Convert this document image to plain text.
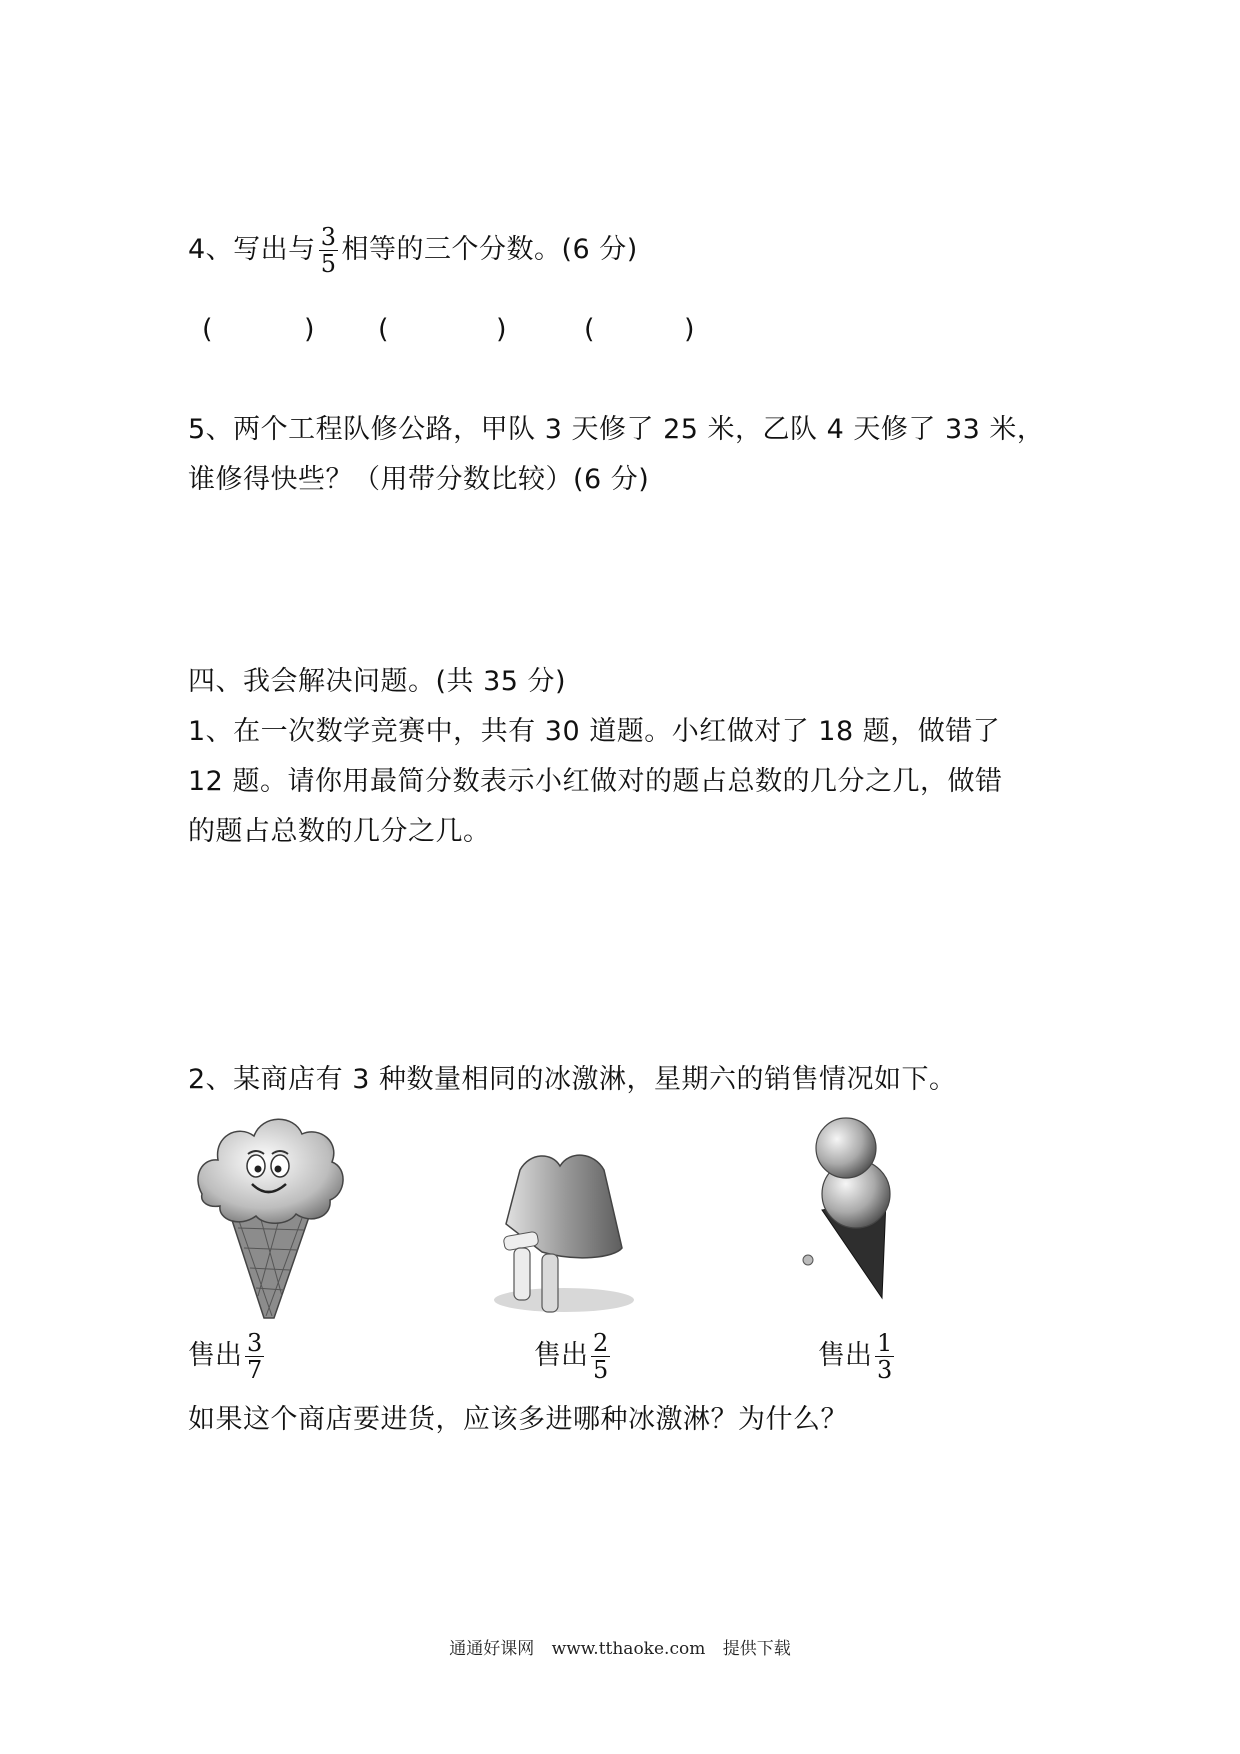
4、写出与 $\frac{3}{5}$ 相等的三个分数。(6 分)
(	) (	)	(	)
5、两个工程队修公路，甲队 3 天修了 25 米，乙队 4 天修了 33 米，
谁修得快些？（用带分数比较）(6 分)
四、我会解决问题。(共 35 分)
1、在一次数学竞赛中，共有 30 道题。小红做对了 18 题，做错了
12 题。请你用最简分数表示小红做对的题占总数的几分之几，做错
的题占总数的几分之几。
2、某商店有 3 种数量相同的冰激淋，星期六的销售情况如下。
售出 $\frac{3}{7}$	售出 $\frac{2}{5}$	售出 $\frac{1}{3}$
如果这个商店要进货，应该多进哪种冰激淋？为什么？
通通好课网 www.tthaoke.com 提供下载
